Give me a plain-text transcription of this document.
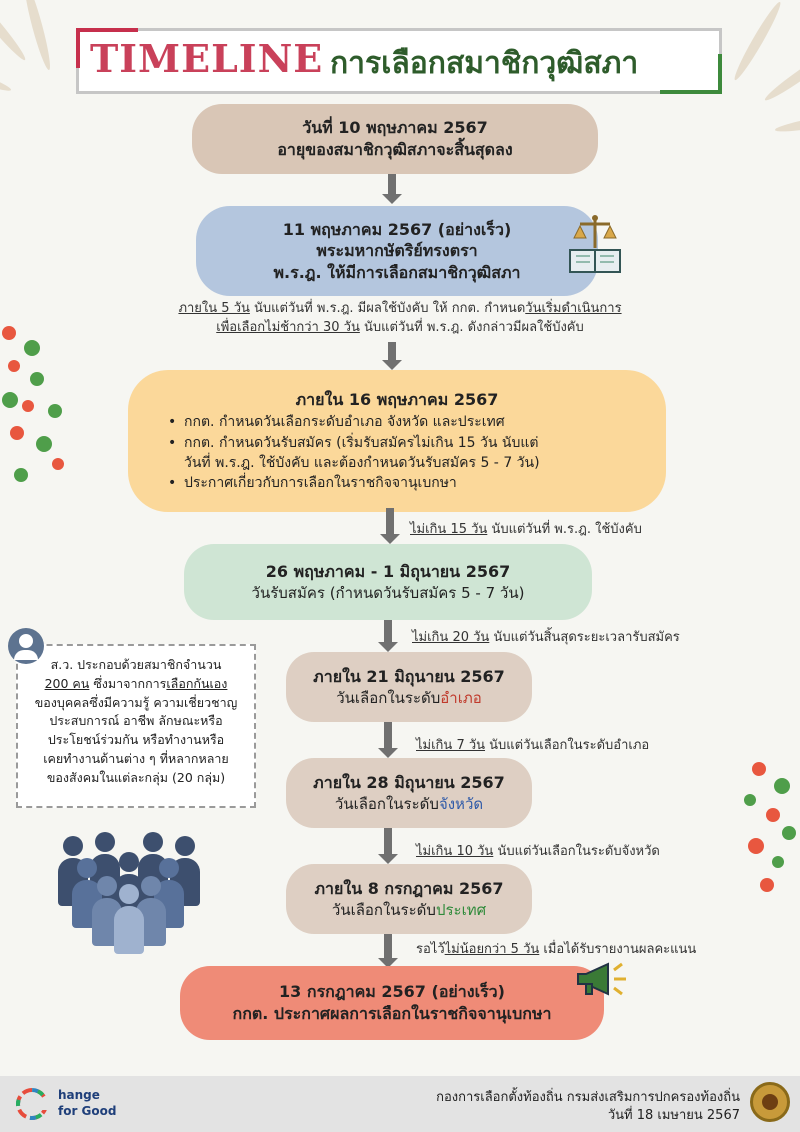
TIMELINE การเลือกสมาชิกวุฒิสภา
วันที่ 10 พฤษภาคม 2567
อายุของสมาชิกวุฒิสภาจะสิ้นสุดลง
11 พฤษภาคม 2567 (อย่างเร็ว)
พระมหากษัตริย์ทรงตรา
พ.ร.ฎ. ให้มีการเลือกสมาชิกวุฒิสภา
ภายใน 5 วัน นับแต่วันที่ พ.ร.ฎ. มีผลใช้บังคับ ให้ กกต. กำหนดวันเริ่มดำเนินการ
เพื่อเลือกไม่ช้ากว่า 30 วัน นับแต่วันที่ พ.ร.ฎ. ดังกล่าวมีผลใช้บังคับ
ภายใน 16 พฤษภาคม 2567
• กกต. กำหนดวันเลือกระดับอำเภอ จังหวัด และประเทศ
• กกต. กำหนดวันรับสมัคร (เริ่มรับสมัครไม่เกิน 15 วัน นับแต่
วันที่ พ.ร.ฎ. ใช้บังคับ และต้องกำหนดวันรับสมัคร 5 - 7 วัน)
• ประกาศเกี่ยวกับการเลือกในราชกิจจานุเบกษา
ไม่เกิน 15 วัน นับแต่วันที่ พ.ร.ฎ. ใช้บังคับ
26 พฤษภาคม - 1 มิถุนายน 2567
วันรับสมัคร (กำหนดวันรับสมัคร 5 - 7 วัน)
ไม่เกิน 20 วัน นับแต่วันสิ้นสุดระยะเวลารับสมัคร
ภายใน 21 มิถุนายน 2567
วันเลือกในระดับอำเภอ
ไม่เกิน 7 วัน นับแต่วันเลือกในระดับอำเภอ
ภายใน 28 มิถุนายน 2567
วันเลือกในระดับจังหวัด
ไม่เกิน 10 วัน นับแต่วันเลือกในระดับจังหวัด
ภายใน 8 กรกฎาคม 2567
วันเลือกในระดับประเทศ
รอไว้ไม่น้อยกว่า 5 วัน เมื่อได้รับรายงานผลคะแนน
13 กรกฎาคม 2567 (อย่างเร็ว)
กกต. ประกาศผลการเลือกในราชกิจจานุเบกษา
ส.ว. ประกอบด้วยสมาชิกจำนวน
200 คน ซึ่งมาจากการเลือกกันเอง
ของบุคคลซึ่งมีความรู้ ความเชี่ยวชาญ
ประสบการณ์ อาชีพ ลักษณะหรือ
ประโยชน์ร่วมกัน หรือทำงานหรือ
เคยทำงานด้านต่าง ๆ ที่หลากหลาย
ของสังคมในแต่ละกลุ่ม (20 กลุ่ม)
hange
for Good
กองการเลือกตั้งท้องถิ่น กรมส่งเสริมการปกครองท้องถิ่น
วันที่ 18 เมษายน 2567
